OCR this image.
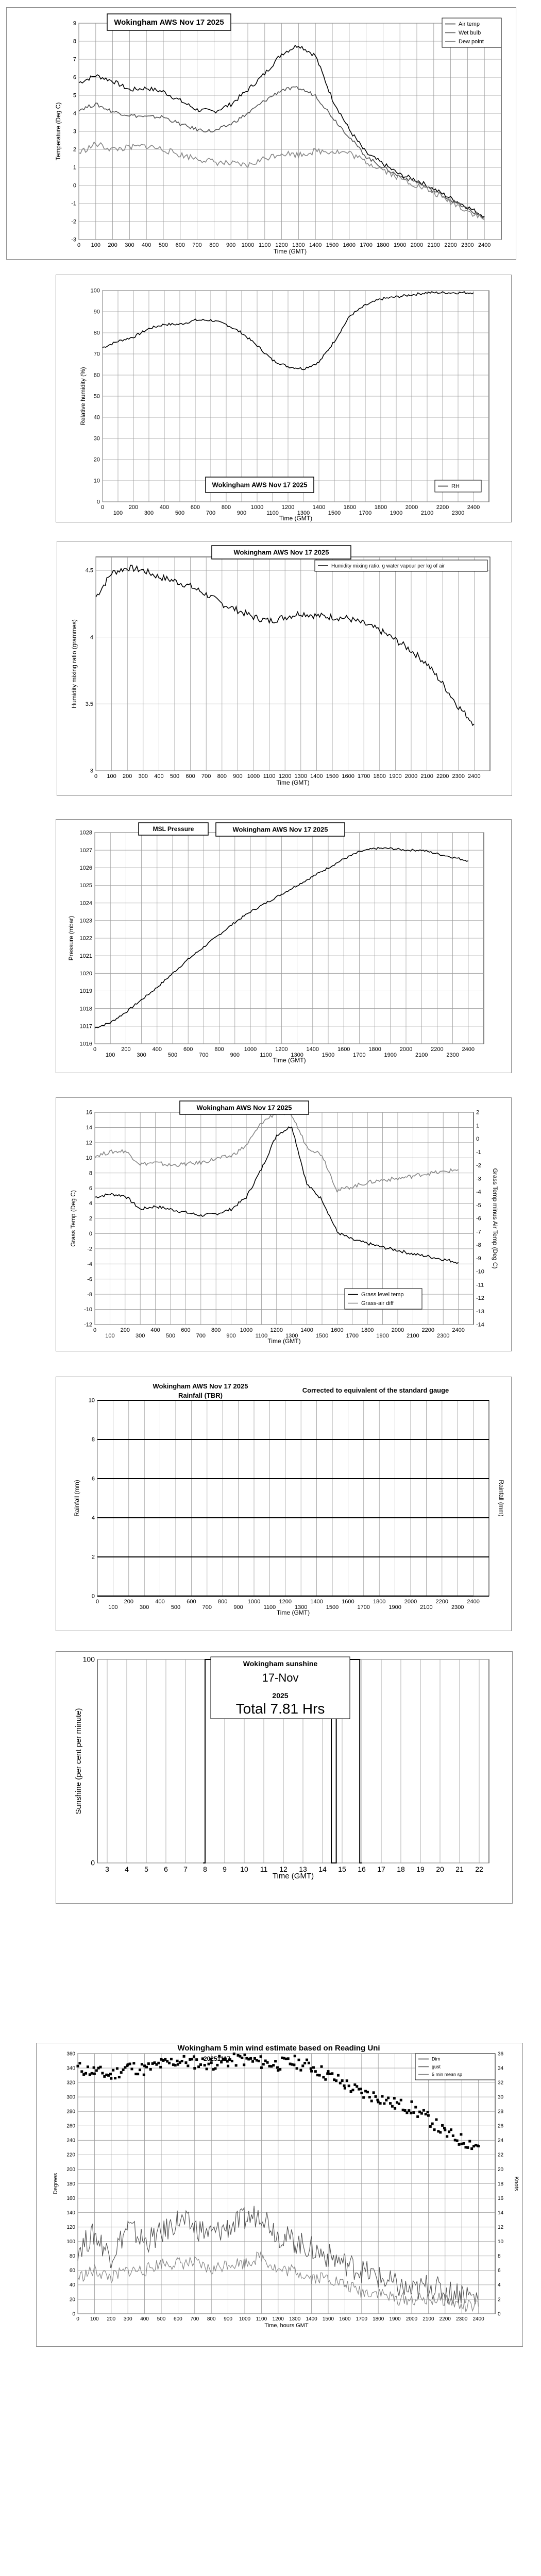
0 100 200 300 400 500 600 700 800 900 1000 1100 1200 1300 1400 1500 1600 1700 1800 1900 2000 2100 2200 2300 2400
-3
-2
-1
0
1
2
3
4
5
6
7
8
9
Time (GMT)
Temperature (Deg C)
Wokingham AWS Nov 17 2025	Air temp
Wet bulb
Dew point
0
100
200
300
400
500
600
700
800
900
1000
1100
1200
1300
1400
1500
1600
1700
1800
1900
2000
2100
2200
2300
2400
0
10
20
30
40
50
60
70
80
90
100
Time (GMT)
Relative humidity (%)
Wokingham AWS Nov 17 2025	RH
0 100 200 300 400 500 600 700 800 900 1000 1100 1200 1300 1400 1500 1600 1700 1800 1900 2000 2100 2200 2300 2400
3
3.5
4
4.5
Time (GMT)
Humidity mixing ratio (grammes)
Wokingham AWS Nov 17 2025
Humidity mixing ratio, g water vapour per kg of air
0
100
200
300
400
500
600
700
800
900
1000
1100
1200
1300
1400
1500
1600
1700
1800
1900
2000
2100
2200
2300
2400
1016
1017
1018
1019
1020
1021
1022
1023
1024
1025
1026
1027
1028
Time (GMT)
Pressure (mbar)
MSL Pressure	Wokingham AWS Nov 17 2025
0
100
200
300
400
500
600
700
800
900
1000
1100
1200
1300
1400
1500
1600
1700
1800
1900
2000
2100
2200
2300
2400
-12
-10
-8
-6
-4
-2
0
2
4
6
8
10
12
14
16
-14
-13
-12
-11
-10
-9
-8
-7
-6
-5
-4
-3
-2
-1
0
1
2
Time (GMT)
Grass Temp (Deg C)	Grass Temp minus Air Temp (Deg C)
Wokingham AWS Nov 17 2025
Grass level temp
Grass-air diff
0
100
200
300
400
500
600
700
800
900
1000
1100
1200
1300
1400
1500
1600
1700
1800
1900
2000
2100
2200
2300
2400
0
2
4
6
8
10
Time (GMT)
Rainfall (mm)	Rainfall (mm)
Wokingham AWS Nov 17 2025
Rainfall (TBR)
Corrected to equivalent of the standard gauge
3 4 5 6 7 8 9 10 11 12 13 14 15 16 17 18 19 20 21 22
0
100
Time (GMT)
Sunshine (per cent per minute)
Wokingham sunshine
17-Nov
2025
Total 7.81 Hrs
0 100 200 300 400 500 600 700 800 900 1000 1100 1200 1300 1400 1500 1600 1700 1800 1900 2000 2100 2200 2300 2400
0
20
40
60
80
100
120
140
160
180
200
220
240
260
280
300
320
340
360
0
2
4
6
8
10
12
14
16
18
20
22
24
26
28
30
32
34
36
Time, hours GMT
Degrees	Knots
Wokingham 5 min wind estimate based on Reading Uni
20251117	Dirn
gust
5 min mean sp
